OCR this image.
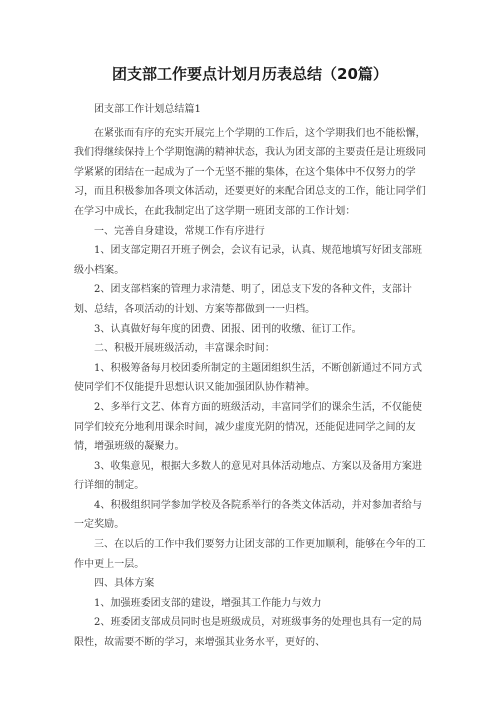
团支部工作要点计划月历表总结（20篇）

团支部工作计划总结篇1

在紧张而有序的充实开展完上个学期的工作后，这个学期我们也不能松懈，我们得继续保持上个学期饱满的精神状态，我认为团支部的主要责任是让班级同学紧紧的团结在一起成为了一个无坚不摧的集体，在这个集体中不仅努力的学习，而且积极参加各项文体活动，还要更好的来配合团总支的工作，能让同学们在学习中成长，在此我制定出了这学期一班团支部的工作计划：

一、完善自身建设，常规工作有序进行

1、团支部定期召开班子例会，会议有记录，认真、规范地填写好团支部班级小档案。

2、团支部档案的管理力求清楚、明了，团总支下发的各种文件，支部计划、总结，各项活动的计划、方案等都做到一一归档。

3、认真做好每年度的团费、团报、团刊的收缴、征订工作。

二、积极开展班级活动，丰富课余时间：

1、积极筹备每月校团委所制定的主题团组织生活，不断创新通过不同方式使同学们不仅能提升思想认识又能加强团队协作精神。

2、多举行文艺、体育方面的班级活动，丰富同学们的课余生活，不仅能使同学们较充分地利用课余时间，减少虚度光阴的情况，还能促进同学之间的友情，增强班级的凝聚力。

3、收集意见，根据大多数人的意见对具体活动地点、方案以及备用方案进行详细的制定。

4、积极组织同学参加学校及各院系举行的各类文体活动，并对参加者给与一定奖励。

三、在以后的工作中我们要努力让团支部的工作更加顺利，能够在今年的工作中更上一层。

四、具体方案

1、加强班委团支部的建设，增强其工作能力与效力

2、班委团支部成员同时也是班级成员，对班级事务的处理也具有一定的局限性，故需要不断的学习，来增强其业务水平，更好的、
